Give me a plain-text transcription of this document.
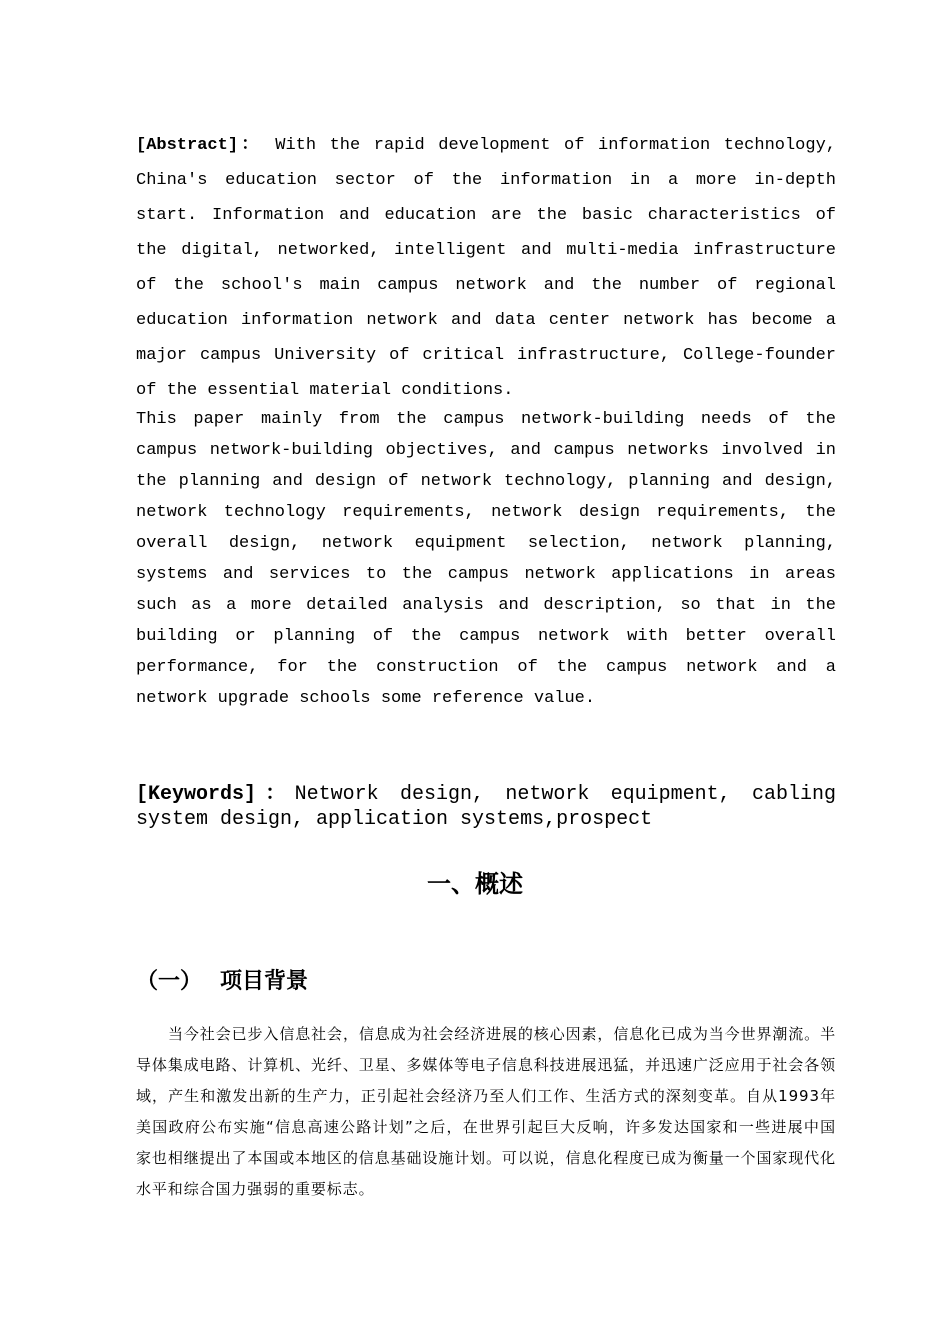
[Abstract]： With the rapid development of information technology, China's education sector of the information in a more in-depth start. Information and education are the basic characteristics of the digital, networked, intelligent and multi-media infrastructure of the school's main campus network and the number of regional education information network and data center network has become a major campus University of critical infrastructure, College-founder of the essential material conditions.

This paper mainly from the campus network-building needs of the campus network-building objectives, and campus networks involved in the planning and design of network technology, planning and design, network technology requirements, network design requirements, the overall design, network equipment selection, network planning, systems and services to the campus network applications in areas such as a more detailed analysis and description, so that in the building or planning of the campus network with better overall performance, for the construction of the campus network and a network upgrade schools some reference value.

[Keywords]：Network design, network equipment, cabling system design, application systems,prospect
一、概述
（一） 项目背景

当今社会已步入信息社会，信息成为社会经济进展的核心因素，信息化已成为当今世界潮流。半导体集成电路、计算机、光纤、卫星、多媒体等电子信息科技进展迅猛，并迅速广泛应用于社会各领域，产生和激发出新的生产力，正引起社会经济乃至人们工作、生活方式的深刻变革。自从1993年美国政府公布实施“信息高速公路计划”之后，在世界引起巨大反响，许多发达国家和一些进展中国家也相继提出了本国或本地区的信息基础设施计划。可以说，信息化程度已成为衡量一个国家现代化水平和综合国力强弱的重要标志。
